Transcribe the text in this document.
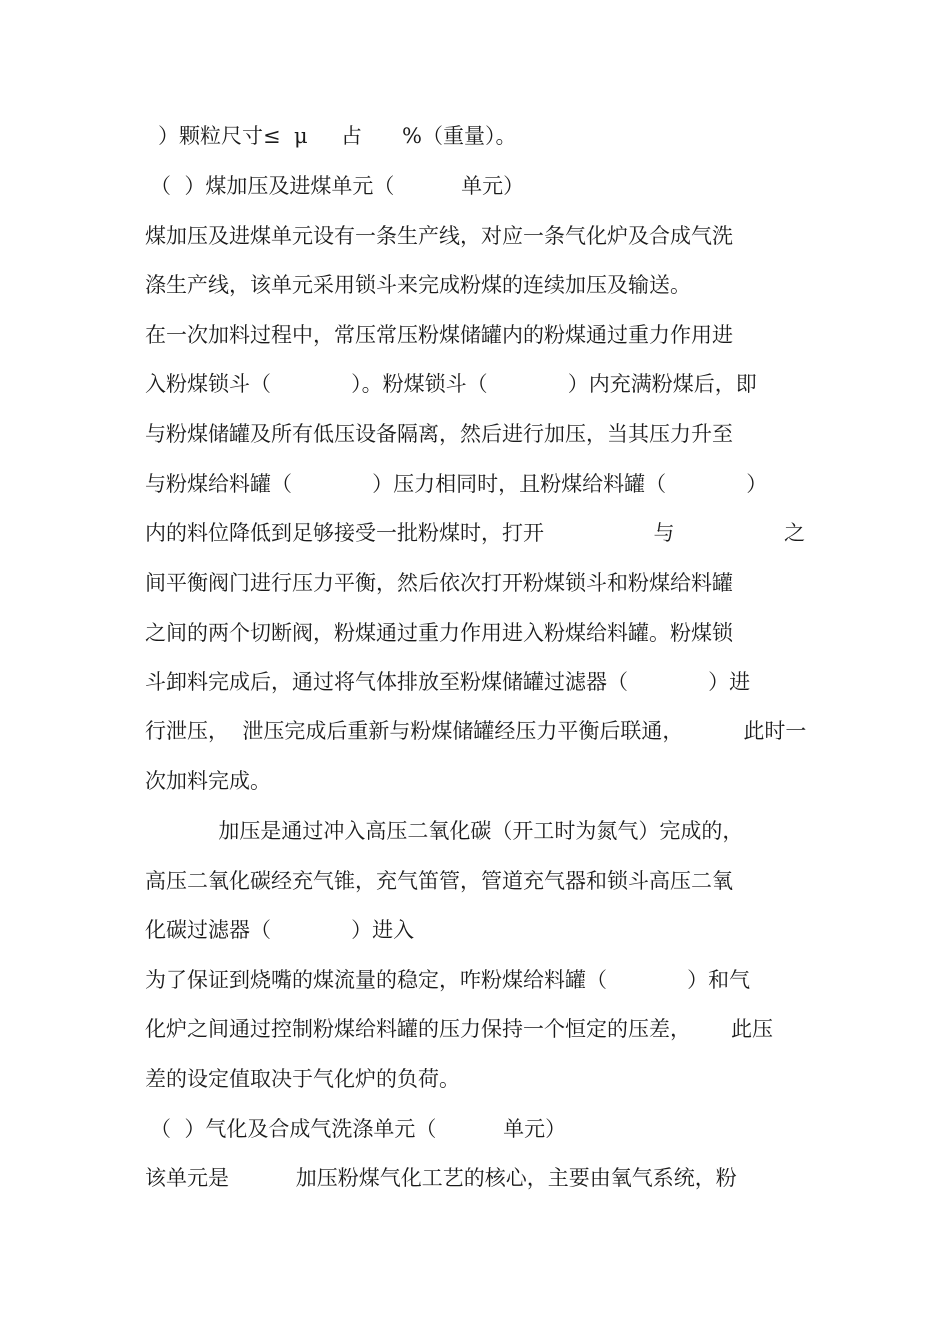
）颗粒尺寸≤  μ     占      %（重量）。

（  ）煤加压及进煤单元（          单元）

煤加压及进煤单元设有一条生产线，对应一条气化炉及合成气洗

涤生产线，该单元采用锁斗来完成粉煤的连续加压及输送。

在一次加料过程中，常压常压粉煤储罐内的粉煤通过重力作用进

入粉煤锁斗（            ）。粉煤锁斗（            ）内充满粉煤后，即

与粉煤储罐及所有低压设备隔离，然后进行加压，当其压力升至

与粉煤给料罐（            ）压力相同时，且粉煤给料罐（            ）

内的料位降低到足够接受一批粉煤时，打开	与	之

间平衡阀门进行压力平衡，然后依次打开粉煤锁斗和粉煤给料罐

之间的两个切断阀，粉煤通过重力作用进入粉煤给料罐。粉煤锁

斗卸料完成后，通过将气体排放至粉煤储罐过滤器（            ）进

行泄压，  泄压完成后重新与粉煤储罐经压力平衡后联通，         此时一

次加料完成。

加压是通过冲入高压二氧化碳（开工时为氮气）完成的，

高压二氧化碳经充气锥，充气笛管，管道充气器和锁斗高压二氧

化碳过滤器（            ）进入

为了保证到烧嘴的煤流量的稳定，咋粉煤给料罐（            ）和气

化炉之间通过控制粉煤给料罐的压力保持一个恒定的压差，      此压

差的设定值取决于气化炉的负荷。

（  ）气化及合成气洗涤单元（          单元）

该单元是          加压粉煤气化工艺的核心，主要由氧气系统，粉
